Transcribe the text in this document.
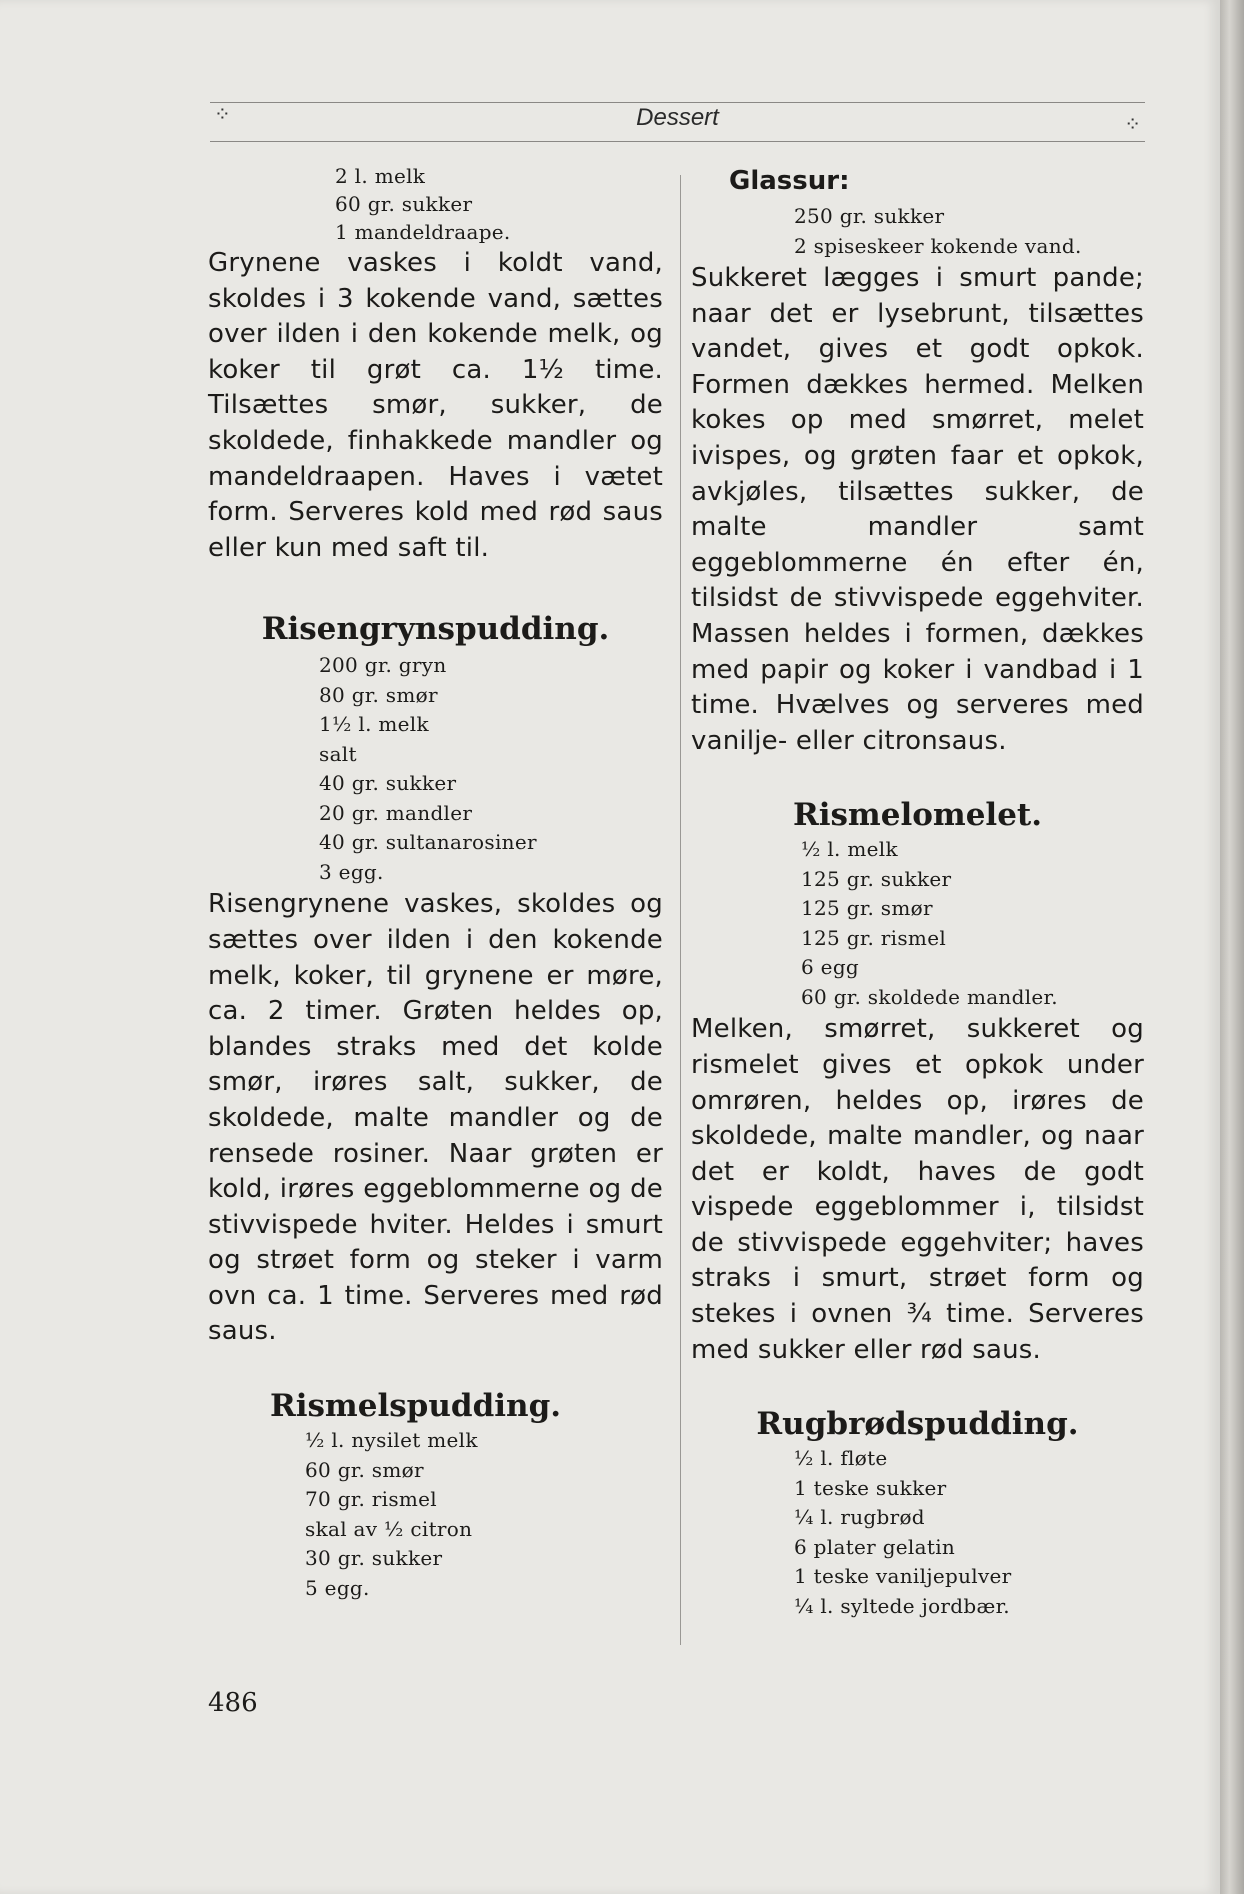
⁘	Dessert	⁘
2 l. melk
60 gr. sukker
1 mandeldraape.

Grynene vaskes i koldt vand, skoldes i 3 kokende vand, sættes over ilden i den kokende melk, og koker til grøt ca. 1½ time. Tilsættes smør, sukker, de skoldede, finhakkede mandler og mandeldraapen. Haves i vætet form. Serveres kold med rød saus eller kun med saft til.

Risengrynspudding.
200 gr. gryn
80 gr. smør
1½ l. melk
salt
40 gr. sukker
20 gr. mandler
40 gr. sultanarosiner
3 egg.

Risengrynene vaskes, skoldes og sættes over ilden i den kokende melk, koker, til grynene er møre, ca. 2 timer. Grøten heldes op, blandes straks med det kolde smør, irøres salt, sukker, de skoldede, malte mandler og de rensede rosiner. Naar grøten er kold, irøres eggeblommerne og de stivvispede hviter. Heldes i smurt og strøet form og steker i varm ovn ca. 1 time. Serveres med rød saus.

Rismelspudding.
½ l. nysilet melk
60 gr. smør
70 gr. rismel
skal av ½ citron
30 gr. sukker
5 egg.
Glassur:
250 gr. sukker
2 spiseskeer kokende vand.

Sukkeret lægges i smurt pande; naar det er lysebrunt, tilsættes vandet, gives et godt opkok. Formen dækkes hermed. Melken kokes op med smørret, melet ivispes, og grøten faar et opkok, avkjøles, tilsættes sukker, de malte mandler samt eggeblommerne én efter én, tilsidst de stivvispede eggehviter. Massen heldes i formen, dækkes med papir og koker i vandbad i 1 time. Hvælves og serveres med vanilje- eller citronsaus.

Rismelomelet.
½ l. melk
125 gr. sukker
125 gr. smør
125 gr. rismel
6 egg
60 gr. skoldede mandler.

Melken, smørret, sukkeret og rismelet gives et opkok under omrøren, heldes op, irøres de skoldede, malte mandler, og naar det er koldt, haves de godt vispede eggeblommer i, tilsidst de stivvispede eggehviter; haves straks i smurt, strøet form og stekes i ovnen ¾ time. Serveres med sukker eller rød saus.

Rugbrødspudding.
½ l. fløte
1 teske sukker
¼ l. rugbrød
6 plater gelatin
1 teske vaniljepulver
¼ l. syltede jordbær.
486
